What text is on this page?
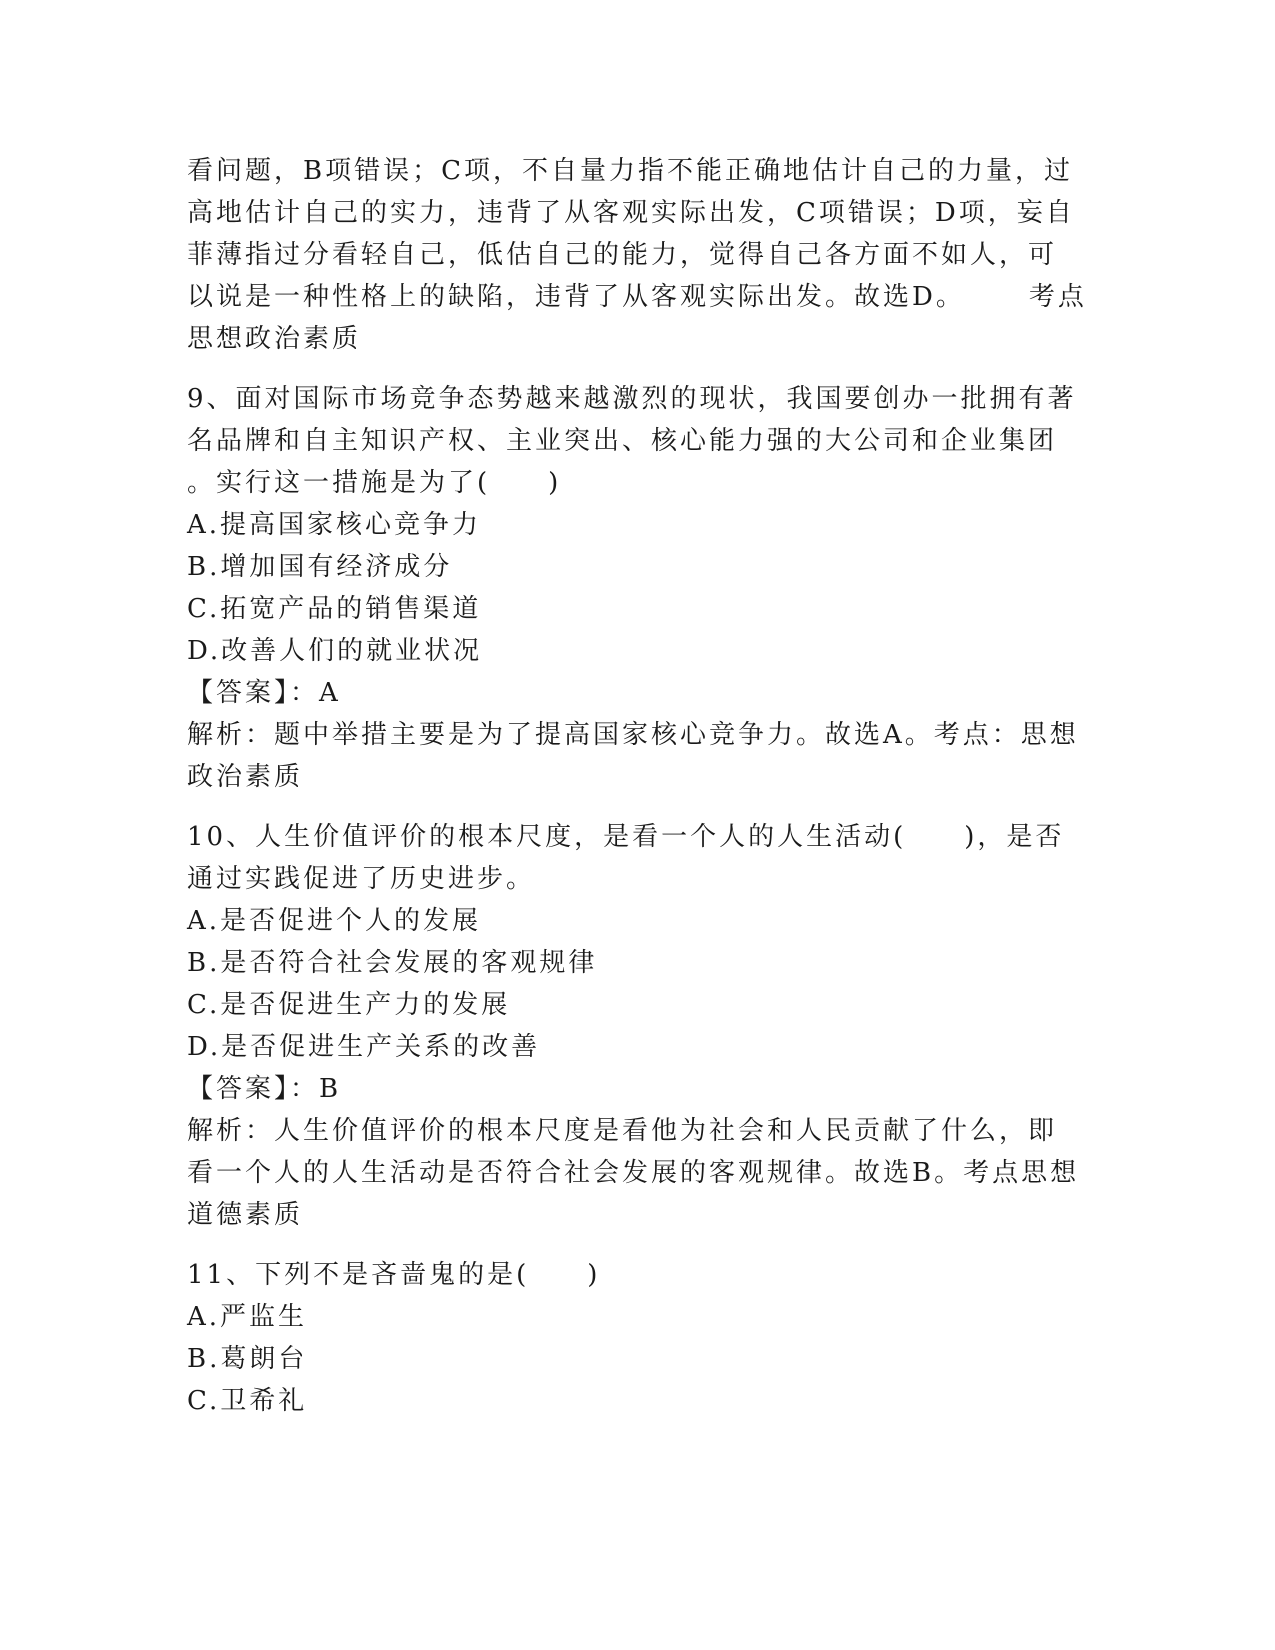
看问题，B项错误；C项，不自量力指不能正确地估计自己的力量，过
高地估计自己的实力，违背了从客观实际出发，C项错误；D项，妄自
菲薄指过分看轻自己，低估自己的能力，觉得自己各方面不如人，可
以说是一种性格上的缺陷，违背了从客观实际出发。故选D。 考点
思想政治素质
9、面对国际市场竞争态势越来越激烈的现状，我国要创办一批拥有著
名品牌和自主知识产权、主业突出、核心能力强的大公司和企业集团
。实行这一措施是为了(　　)
A.提高国家核心竞争力
B.增加国有经济成分
C.拓宽产品的销售渠道
D.改善人们的就业状况
【答案】：A
解析：题中举措主要是为了提高国家核心竞争力。故选A。考点：思想
政治素质
10、人生价值评价的根本尺度，是看一个人的人生活动(　　)，是否
通过实践促进了历史进步。
A.是否促进个人的发展
B.是否符合社会发展的客观规律
C.是否促进生产力的发展
D.是否促进生产关系的改善
【答案】：B
解析：人生价值评价的根本尺度是看他为社会和人民贡献了什么，即
看一个人的人生活动是否符合社会发展的客观规律。故选B。考点思想
道德素质
11、下列不是吝啬鬼的是(　　)
A.严监生
B.葛朗台
C.卫希礼
